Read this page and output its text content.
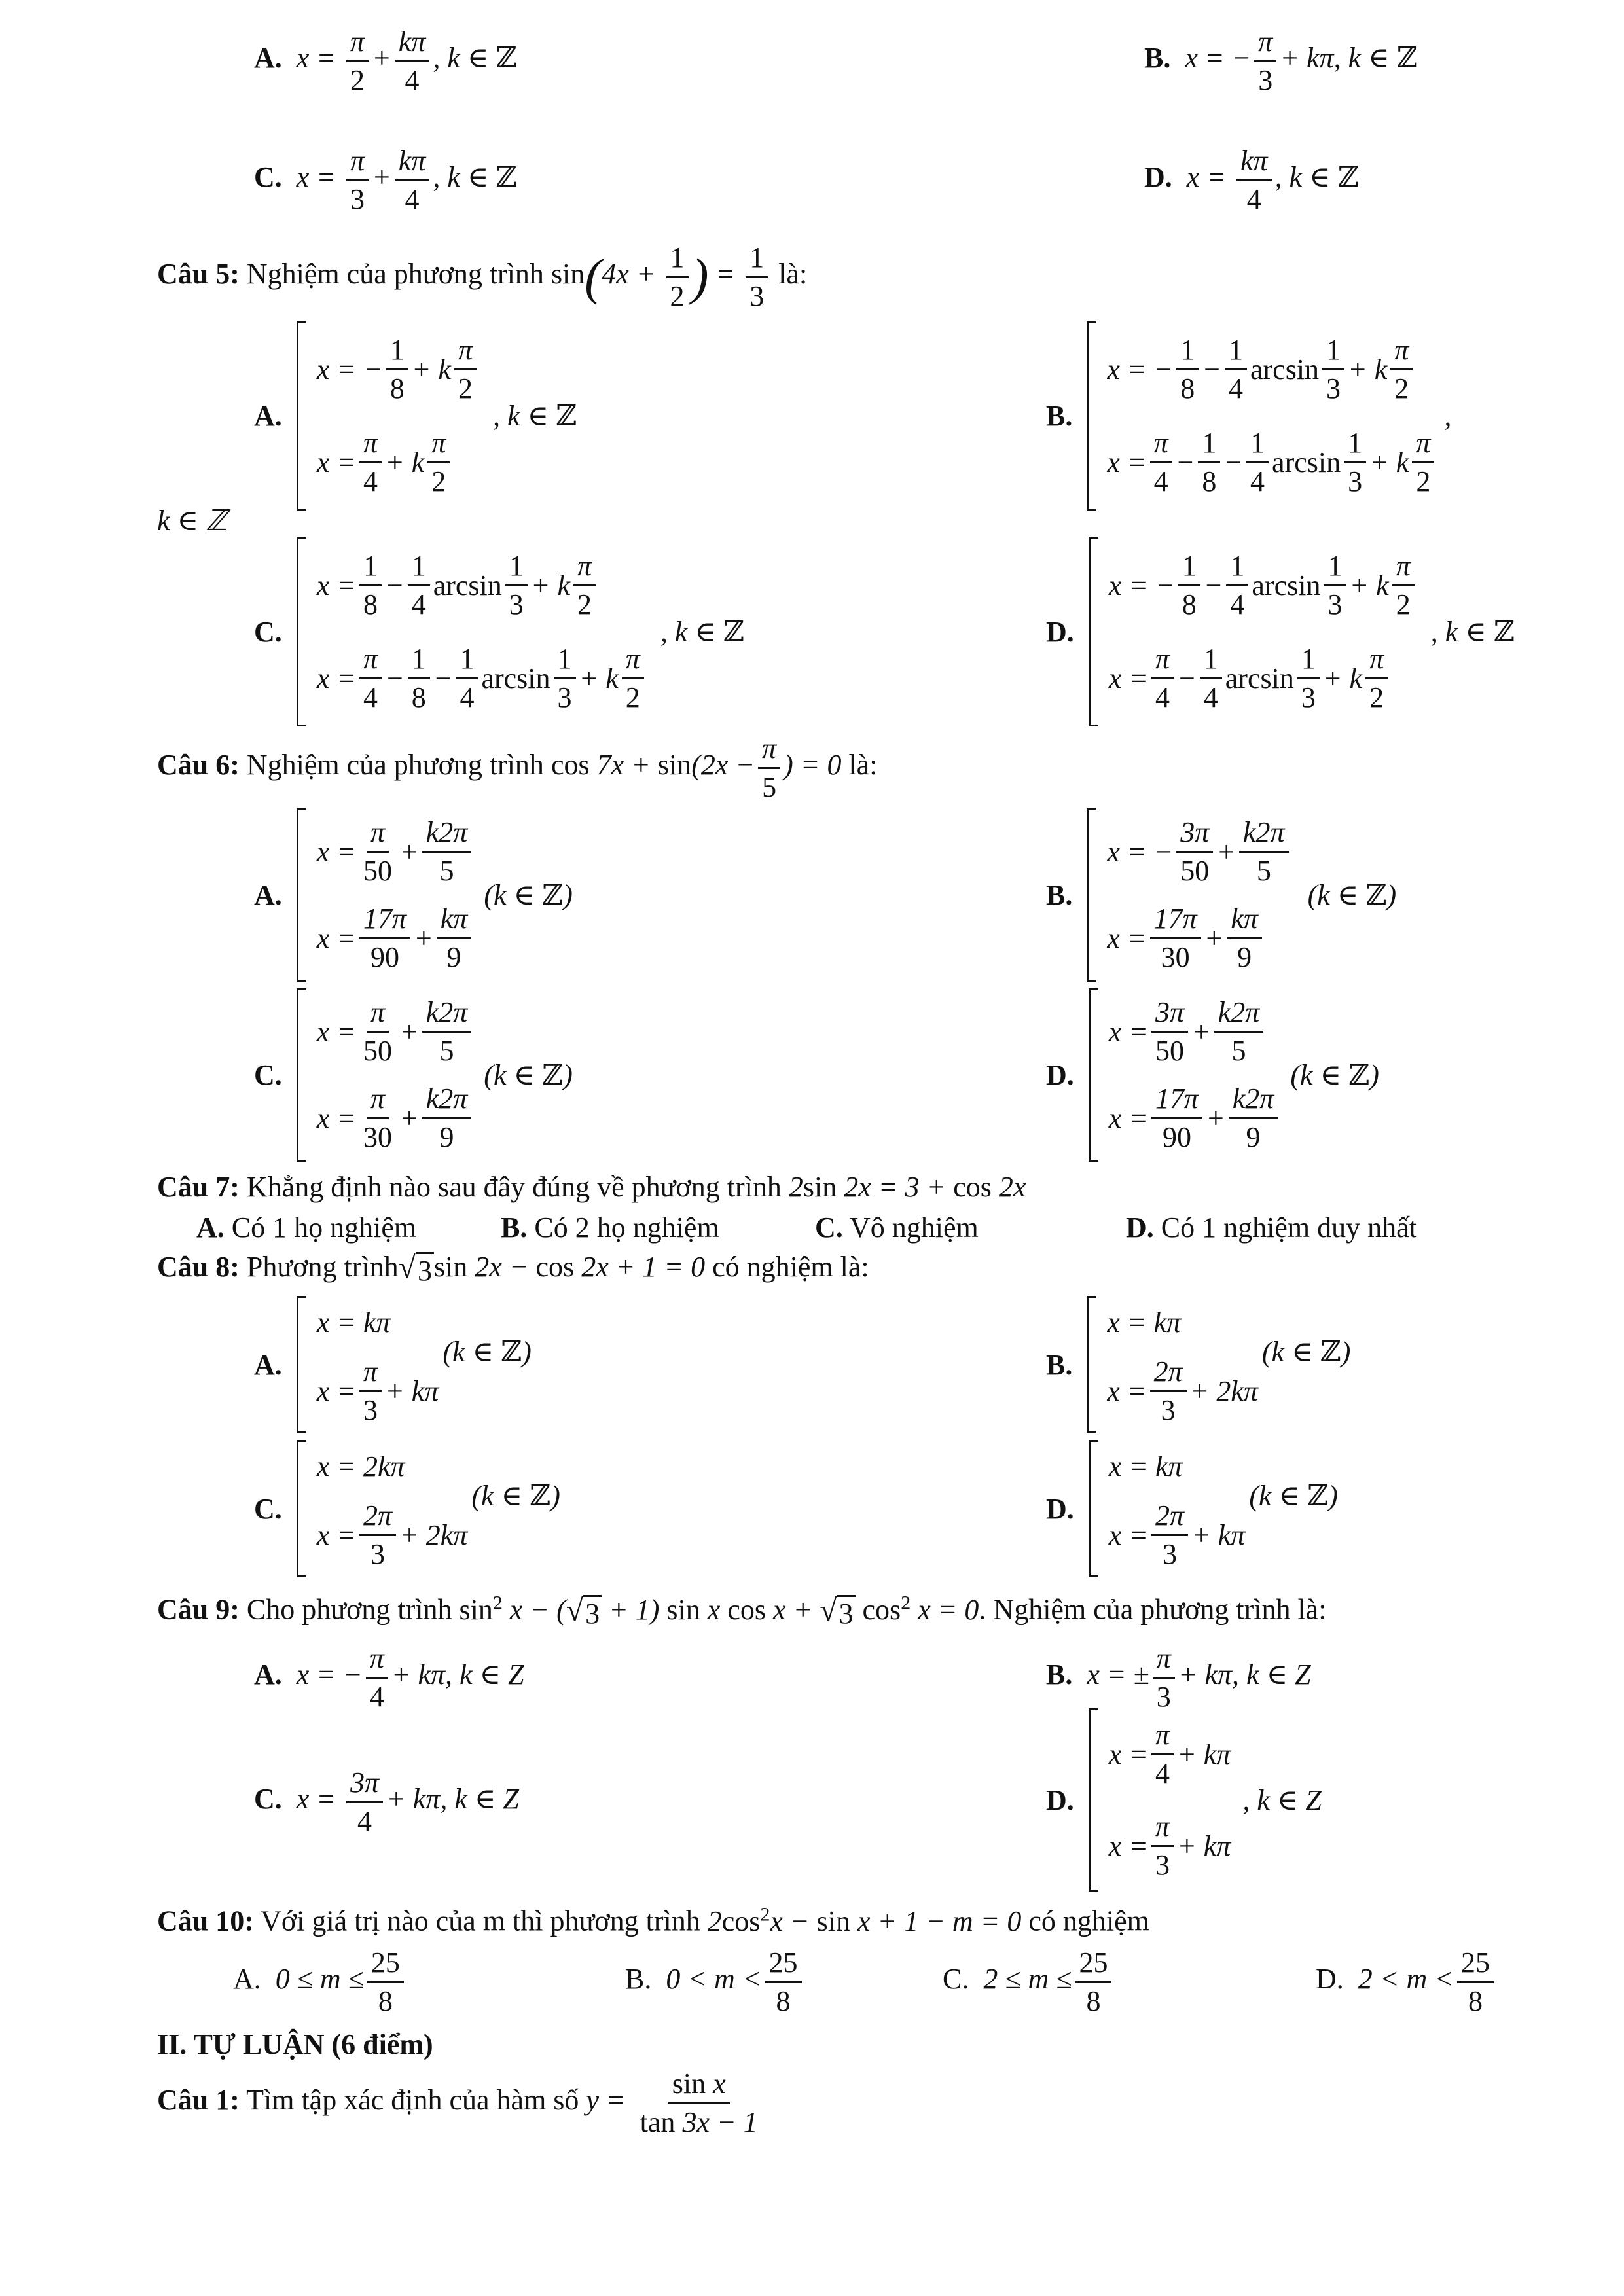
A. $x = \frac{\pi}{2} + \frac{k\pi}{4}$ , k ∈ ℤ	B. x = − $\frac{\pi}{3} + k\pi$, k ∈ ℤ
C. $x = \frac{\pi}{3} + \frac{k\pi}{4}$ , k ∈ ℤ	D. $x = \frac{k\pi}{4}$ , k ∈ ℤ
Câu 5: Nghiệm của phương trình $\sin(4x + \frac{1}{2}$ ) = $\frac{1}{3}$ là:
A.
x = − $\frac{1}{8} + k \frac{\pi}{2}$
$x = \frac{\pi}{4} + k \frac{\pi}{2}$
, k ∈ ℤ	B.
x = − $\frac{1}{8} - \frac{1}{4}$ $\arcsin \frac{1}{3} + k \frac{\pi}{2}$
$x = \frac{\pi}{4} - \frac{1}{8} - \frac{1}{4}$ $\arcsin \frac{1}{3} + k \frac{\pi}{2}$
,
k ∈ ℤ
C.
$x = \frac{1}{8} - \frac{1}{4}$ $\arcsin \frac{1}{3} + k \frac{\pi}{2}$
$x = \frac{\pi}{4} - \frac{1}{8} - \frac{1}{4}$ $\arcsin \frac{1}{3} + k \frac{\pi}{2}$
, k ∈ ℤ	D.
x = − $\frac{1}{8} - \frac{1}{4}$ $\arcsin \frac{1}{3} + k \frac{\pi}{2}$
$x = \frac{\pi}{4} - \frac{1}{4}$ $\arcsin \frac{1}{3} + k \frac{\pi}{2}$
, k ∈ ℤ
Câu 6: Nghiệm của phương trình $\cos 7x + \sin(2x - \frac{\pi}{5}$ ) = 0 là:
A.
$x = \frac{\pi}{50} + \frac{k2\pi}{5}$
$x = \frac{17\pi}{90} + \frac{k\pi}{9}$
(k ∈ ℤ)	B.
x = − $\frac{3\pi}{50} + \frac{k2\pi}{5}$
$x = \frac{17\pi}{30} + \frac{k\pi}{9}$
(k ∈ ℤ)
C.
$x = \frac{\pi}{50} + \frac{k2\pi}{5}$
$x = \frac{\pi}{30} + \frac{k2\pi}{9}$
(k ∈ ℤ)	D.
$x = \frac{3\pi}{50} + \frac{k2\pi}{5}$
$x = \frac{17\pi}{90} + \frac{k2\pi}{9}$
(k ∈ ℤ)
Câu 7: Khẳng định nào sau đây đúng về phương trình 2sin 2x = 3 + cos 2x
A. Có 1 họ nghiệm	B. Có 2 họ nghiệm	C. Vô nghiệm	D. Có 1 nghiệm duy nhất
Câu 8: Phương trình √ 3 sin 2x − cos 2x + 1 = 0 có nghiệm là:
A.
x = kπ
$x = \frac{\pi}{3} + k\pi$
(k ∈ ℤ)	B.
x = kπ
$x = \frac{2\pi}{3} + 2k\pi$
(k ∈ ℤ)
C.
x = 2kπ
$x = \frac{2\pi}{3} + 2k\pi$
(k ∈ ℤ)	D.
x = kπ
$x = \frac{2\pi}{3} + k\pi$
(k ∈ ℤ)
Câu 9: Cho phương trình $\sin^2 x$ − ( √ 3 + 1) sin x cos x + √ 3 $\cos^2 x = 0$. Nghiệm của phương trình là:
A. x = − $\frac{\pi}{4} + k\pi$, k ∈ Z	B. x = ± $\frac{\pi}{3} + k\pi$, k ∈ Z
C. $x = \frac{3\pi}{4} + k\pi$, k ∈ Z	D.
$x = \frac{\pi}{4} + k\pi$
$x = \frac{\pi}{3} + k\pi$
, k ∈ Z
Câu 10: Với giá trị nào của m thì phương trình $2\cos^2x - \sin x + 1 - m = 0$ có nghiệm
A. $0 \le m \le \frac{25}{8}$	B. $0 < m < \frac{25}{8}$	C. $2 \le m \le \frac{25}{8}$	D. $2 < m < \frac{25}{8}$
II. TỰ LUẬN (6 điểm)
Câu 1: Tìm tập xác định của hàm số $y = \frac{\text{sin x}}{\tan 3x - 1}$
